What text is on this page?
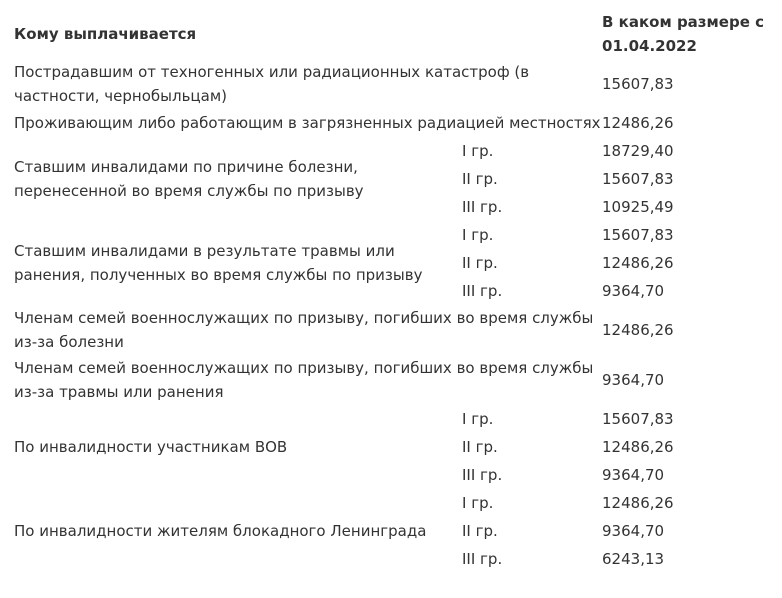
Кому выплачивается		В каком размере с 01.04.2022
Пострадавшим от техногенных или радиационных катастроф (в частности, чернобыльцам)		15607,83
Проживающим либо работающим в загрязненных радиацией местностях		12486,26
Ставшим инвалидами по причине болезни, перенесенной во время службы по призыву	I гр.	18729,40
	II гр.	15607,83
	III гр.	10925,49
Ставшим инвалидами в результате травмы или ранения, полученных во время службы по призыву	I гр.	15607,83
	II гр.	12486,26
	III гр.	9364,70
Членам семей военнослужащих по призыву, погибших во время службы из-за болезни		12486,26
Членам семей военнослужащих по призыву, погибших во время службы из-за травмы или ранения		9364,70
По инвалидности участникам ВОВ	I гр.	15607,83
	II гр.	12486,26
	III гр.	9364,70
По инвалидности жителям блокадного Ленинграда	I гр.	12486,26
	II гр.	9364,70
	III гр.	6243,13
